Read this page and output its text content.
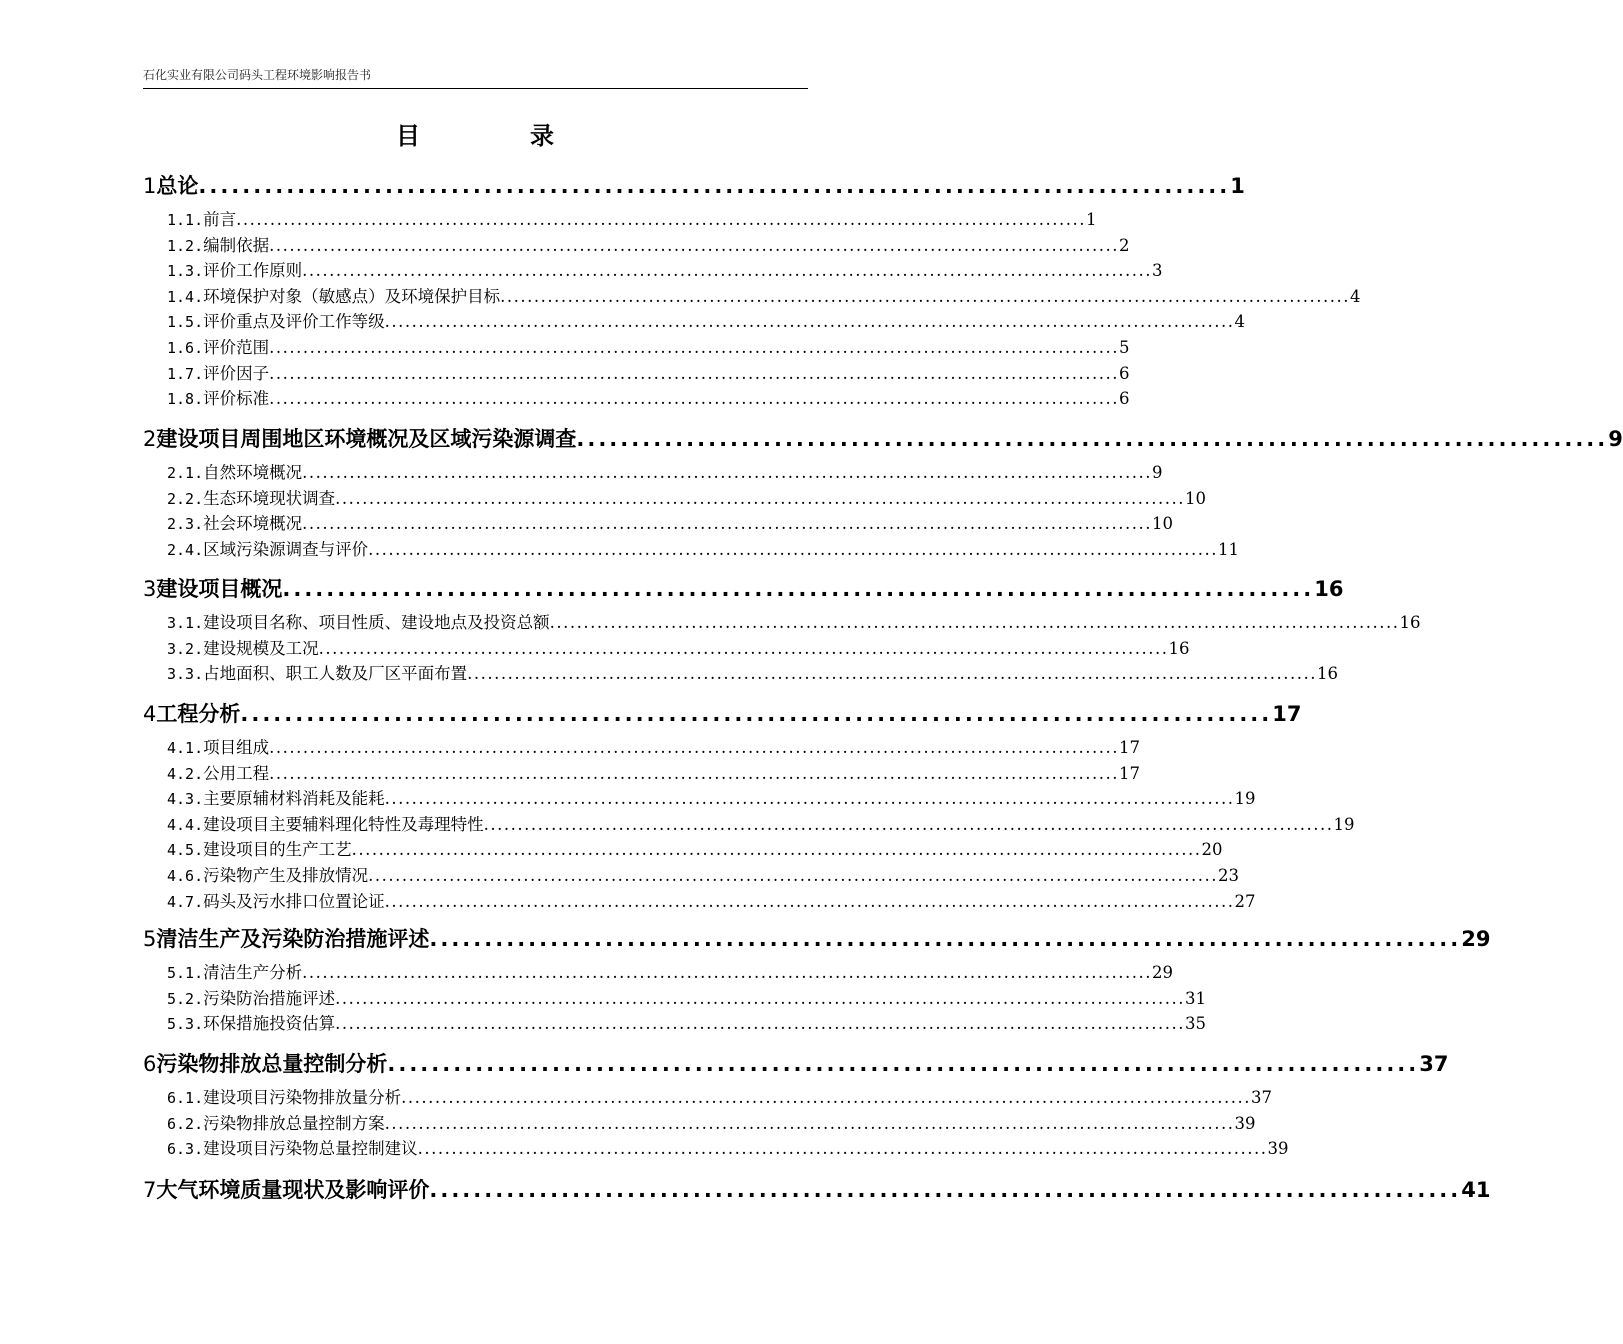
石化实业有限公司码头工程环境影响报告书
目	录
1 总论 .............................................................................................. 1
1.1. 前言 .............................................................................................................................. 1
1.2. 编制依据 .............................................................................................................................. 2
1.3. 评价工作原则 .............................................................................................................................. 3
1.4. 环境保护对象（敏感点）及环境保护目标 .............................................................................................................................. 4
1.5. 评价重点及评价工作等级 .............................................................................................................................. 4
1.6. 评价范围 .............................................................................................................................. 5
1.7. 评价因子 .............................................................................................................................. 6
1.8. 评价标准 .............................................................................................................................. 6
2 建设项目周围地区环境概况及区域污染源调查 .............................................................................................. 9
2.1. 自然环境概况 .............................................................................................................................. 9
2.2. 生态环境现状调查 .............................................................................................................................. 10
2.3. 社会环境概况 .............................................................................................................................. 10
2.4. 区域污染源调查与评价 .............................................................................................................................. 11
3 建设项目概况 .............................................................................................. 16
3.1. 建设项目名称、项目性质、建设地点及投资总额 .............................................................................................................................. 16
3.2. 建设规模及工况 .............................................................................................................................. 16
3.3. 占地面积、职工人数及厂区平面布置 .............................................................................................................................. 16
4 工程分析 .............................................................................................. 17
4.1. 项目组成 .............................................................................................................................. 17
4.2. 公用工程 .............................................................................................................................. 17
4.3. 主要原辅材料消耗及能耗 .............................................................................................................................. 19
4.4. 建设项目主要辅料理化特性及毒理特性 .............................................................................................................................. 19
4.5. 建设项目的生产工艺 .............................................................................................................................. 20
4.6. 污染物产生及排放情况 .............................................................................................................................. 23
4.7. 码头及污水排口位置论证 .............................................................................................................................. 27
5 清洁生产及污染防治措施评述 .............................................................................................. 29
5.1. 清洁生产分析 .............................................................................................................................. 29
5.2. 污染防治措施评述 .............................................................................................................................. 31
5.3. 环保措施投资估算 .............................................................................................................................. 35
6 污染物排放总量控制分析 .............................................................................................. 37
6.1. 建设项目污染物排放量分析 .............................................................................................................................. 37
6.2. 污染物排放总量控制方案 .............................................................................................................................. 39
6.3. 建设项目污染物总量控制建议 .............................................................................................................................. 39
7 大气环境质量现状及影响评价 .............................................................................................. 41
